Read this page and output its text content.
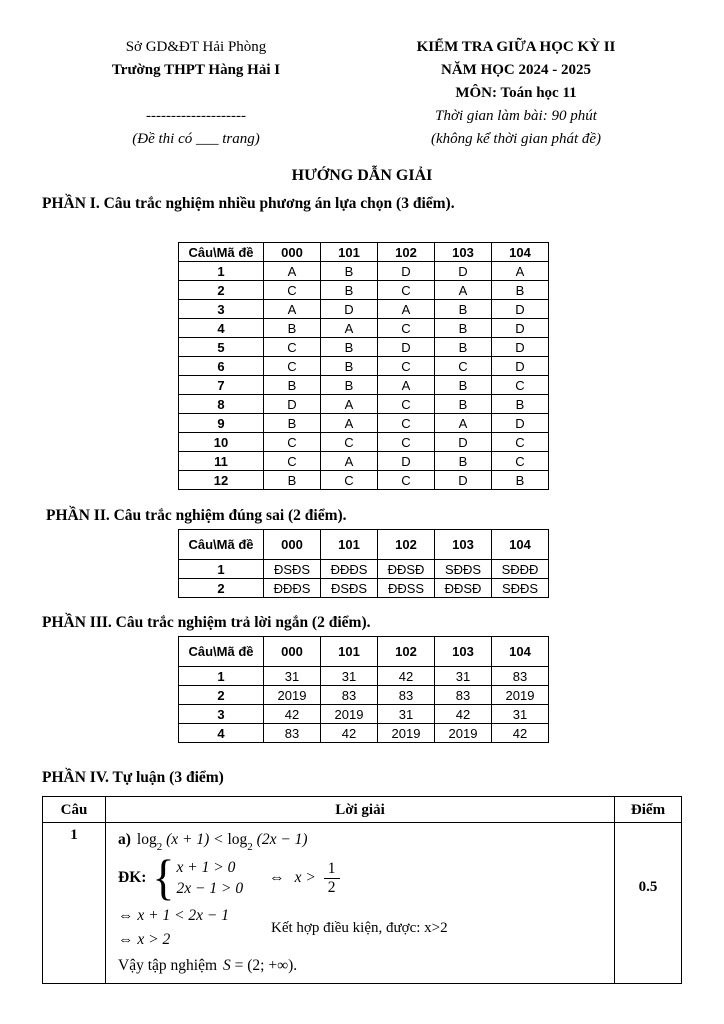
Sở GD&ĐT Hải Phòng
Trường THPT Hàng Hải I
--------------------
(Đề thi có ___ trang)
KIỂM TRA GIỮA HỌC KỲ II
NĂM HỌC 2024 - 2025
MÔN: Toán học 11
Thời gian làm bài: 90 phút
(không kể thời gian phát đề)
HƯỚNG DẪN GIẢI
PHẦN I. Câu trắc nghiệm nhiều phương án lựa chọn (3 điểm).
Câu\Mã đề	000	101	102	103	104
1	A	B	D	D	A
2	C	B	C	A	B
3	A	D	A	B	D
4	B	A	C	B	D
5	C	B	D	B	D
6	C	B	C	C	D
7	B	B	A	B	C
8	D	A	C	B	B
9	B	A	C	A	D
10	C	C	C	D	C
11	C	A	D	B	C
12	B	C	C	D	B
PHẦN II. Câu trắc nghiệm đúng sai (2 điểm).
Câu\Mã đề	000	101	102	103	104
1	ĐSĐS	ĐĐĐS	ĐĐSĐ	SĐĐS	SĐĐĐ
2	ĐĐĐS	ĐSĐS	ĐĐSS	ĐĐSĐ	SĐĐS
PHẦN III. Câu trắc nghiệm trả lời ngắn (2 điểm).
Câu\Mã đề	000	101	102	103	104
1	31	31	42	31	83
2	2019	83	83	83	2019
3	42	2019	31	42	31
4	83	42	2019	2019	42
PHẦN IV. Tự luận (3 điểm)
Câu	Lời giải	Điểm
1	a) $\log_2 (x + 1) < \log_2 (2x - 1)$
ĐK: { x + 1 > 0
2x − 1 > 0
⇔ $x > \frac{1}{2}$
⇔ x + 1 < 2x − 1
⇔ x > 2
Kết hợp điều kiện, được: x>2
Vậy tập nghiệm S = (2; +∞).
	0.5
